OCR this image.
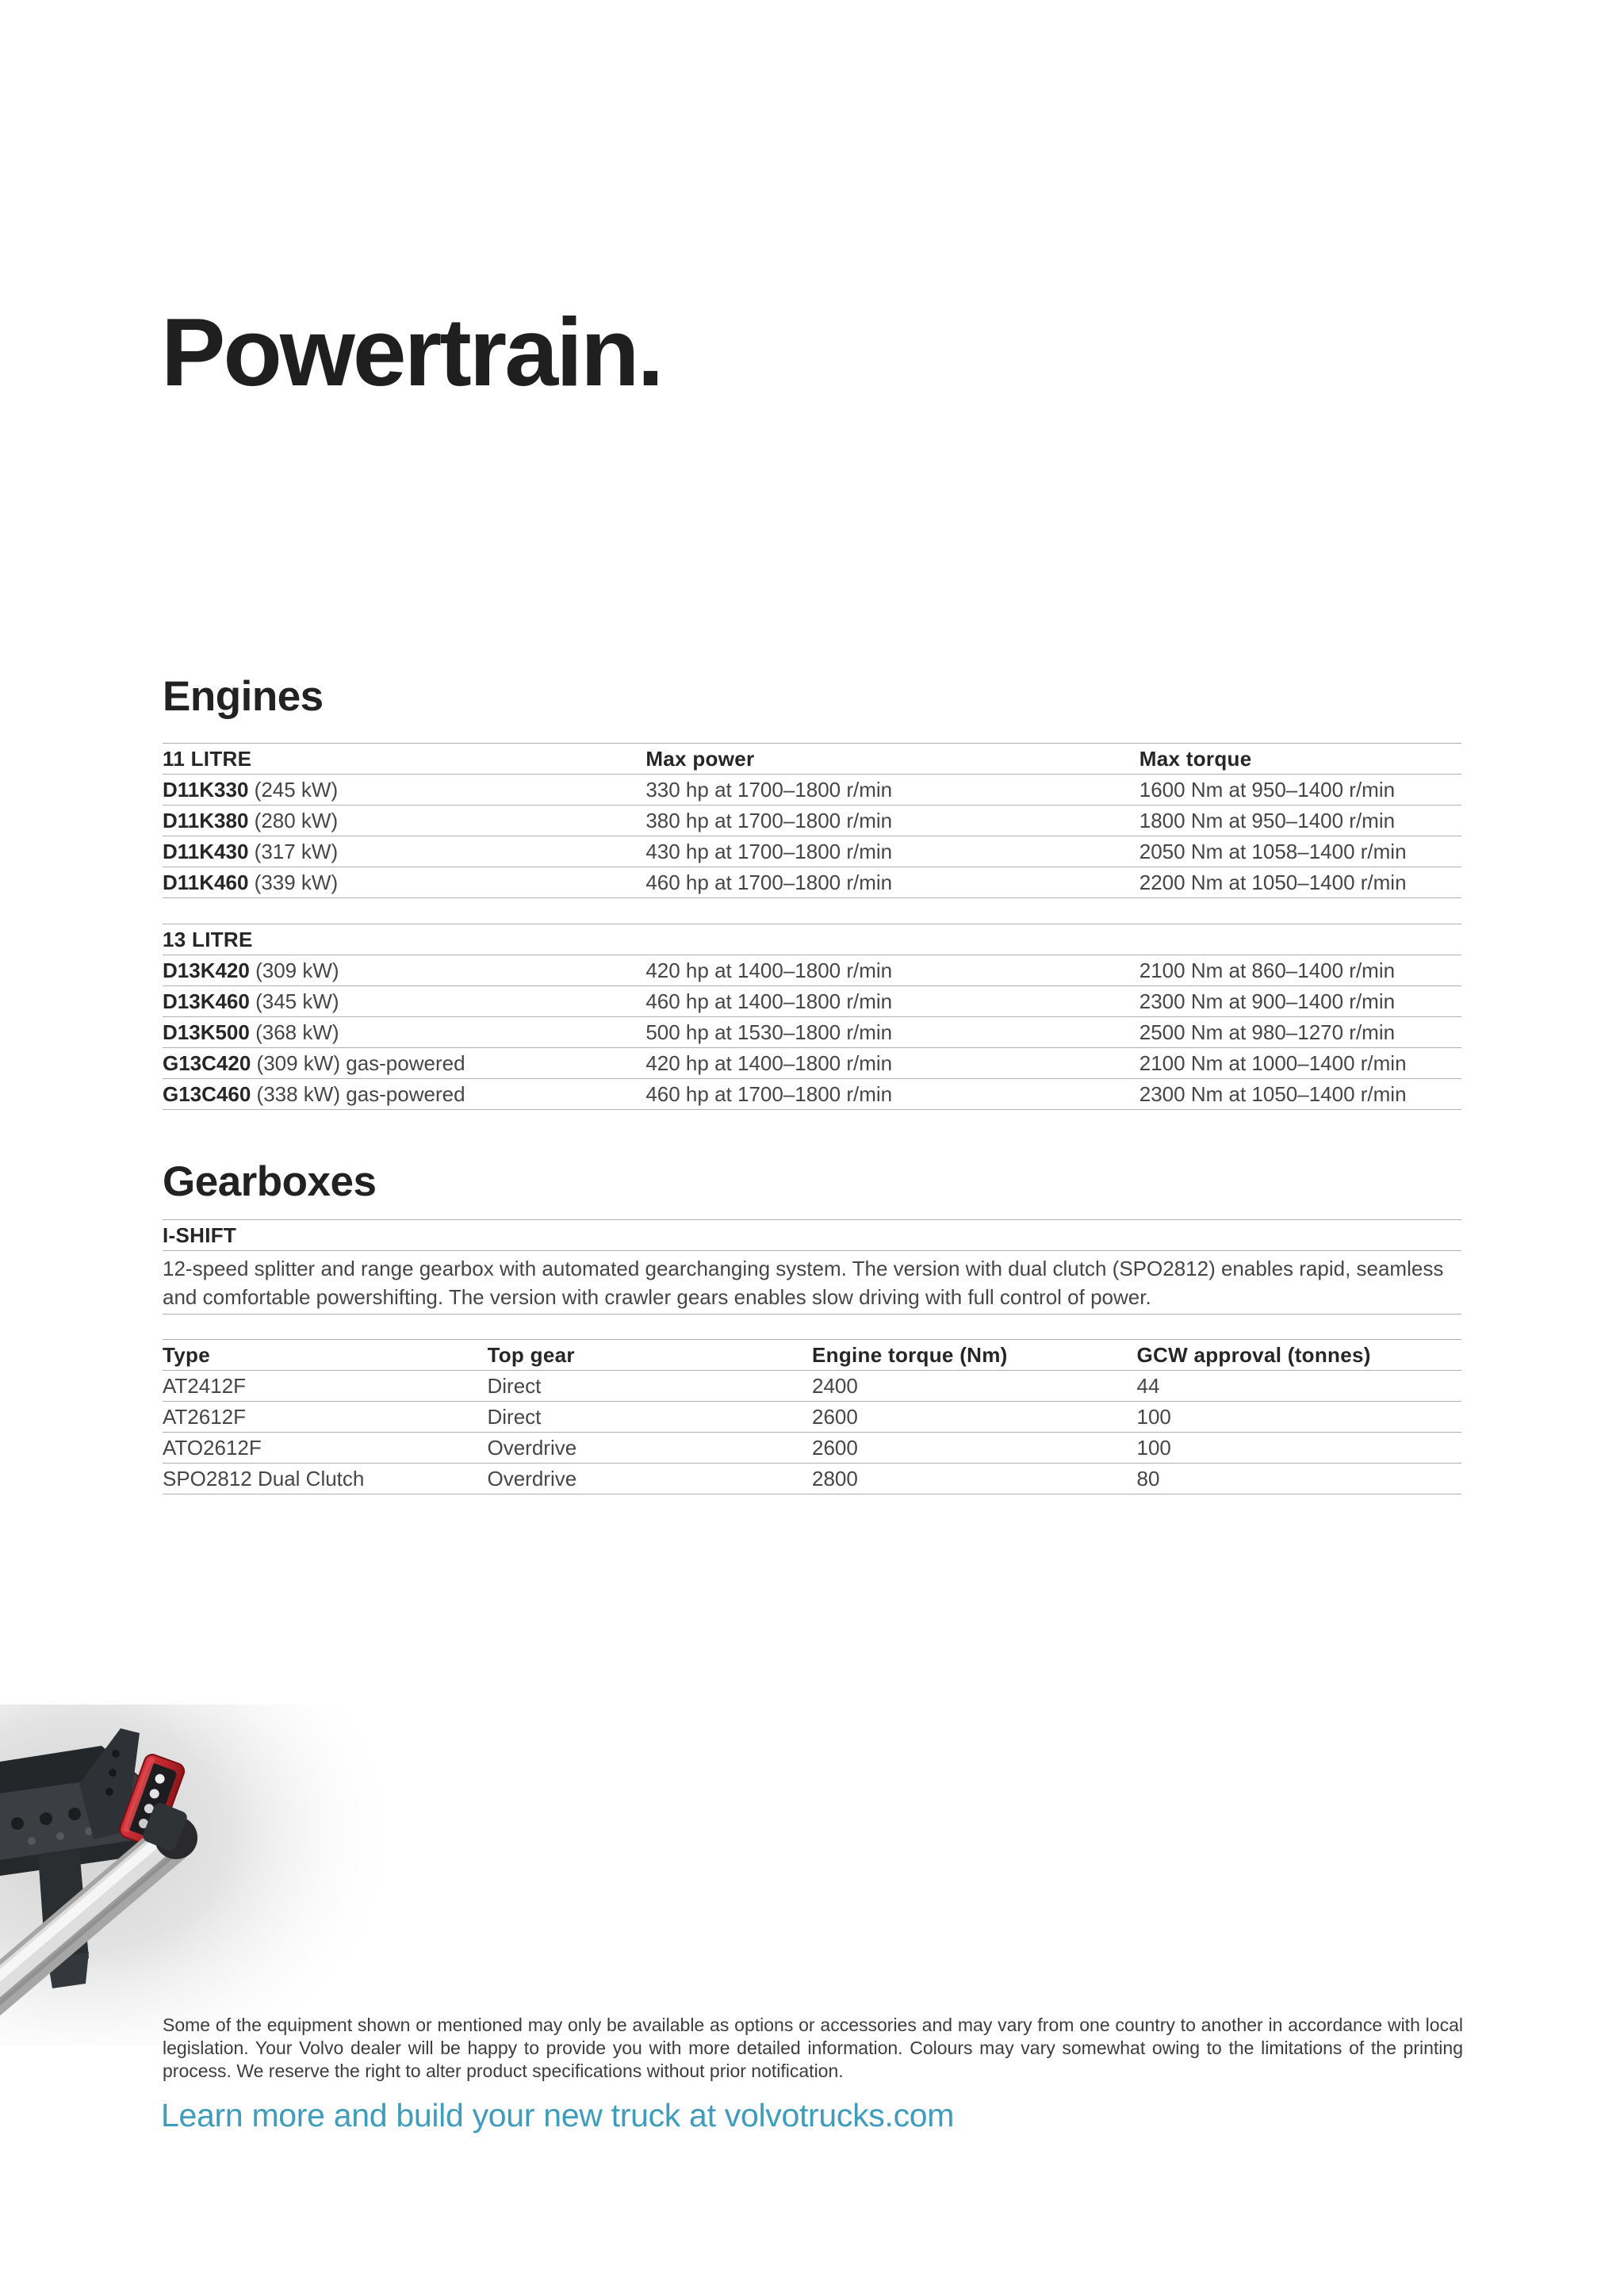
Powertrain.
Engines
11 LITRE	Max power	Max torque
D11K330 (245 kW)	330 hp at 1700–1800 r/min	1600 Nm at 950–1400 r/min
D11K380 (280 kW)	380 hp at 1700–1800 r/min	1800 Nm at 950–1400 r/min
D11K430 (317 kW)	430 hp at 1700–1800 r/min	2050 Nm at 1058–1400 r/min
D11K460 (339 kW)	460 hp at 1700–1800 r/min	2200 Nm at 1050–1400 r/min
13 LITRE
D13K420 (309 kW)	420 hp at 1400–1800 r/min	2100 Nm at 860–1400 r/min
D13K460 (345 kW)	460 hp at 1400–1800 r/min	2300 Nm at 900–1400 r/min
D13K500 (368 kW)	500 hp at 1530–1800 r/min	2500 Nm at 980–1270 r/min
G13C420 (309 kW) gas-powered	420 hp at 1400–1800 r/min	2100 Nm at 1000–1400 r/min
G13C460 (338 kW) gas-powered	460 hp at 1700–1800 r/min	2300 Nm at 1050–1400 r/min
Gearboxes
I-SHIFT
12-speed splitter and range gearbox with automated gearchanging system. The version with dual clutch (SPO2812) enables rapid, seamless and comfortable powershifting. The version with crawler gears enables slow driving with full control of power.
Type	Top gear	Engine torque (Nm)	GCW approval (tonnes)
AT2412F	Direct	2400	44
AT2612F	Direct	2600	100
ATO2612F	Overdrive	2600	100
SPO2812 Dual Clutch	Overdrive	2800	80

Some of the equipment shown or mentioned may only be available as options or accessories and may vary from one country to another in accordance with local legislation. Your Volvo dealer will be happy to provide you with more detailed information. Colours may vary somewhat owing to the limitations of the printing process. We reserve the right to alter product specifications without prior notification.

Learn more and build your new truck at volvotrucks.com
